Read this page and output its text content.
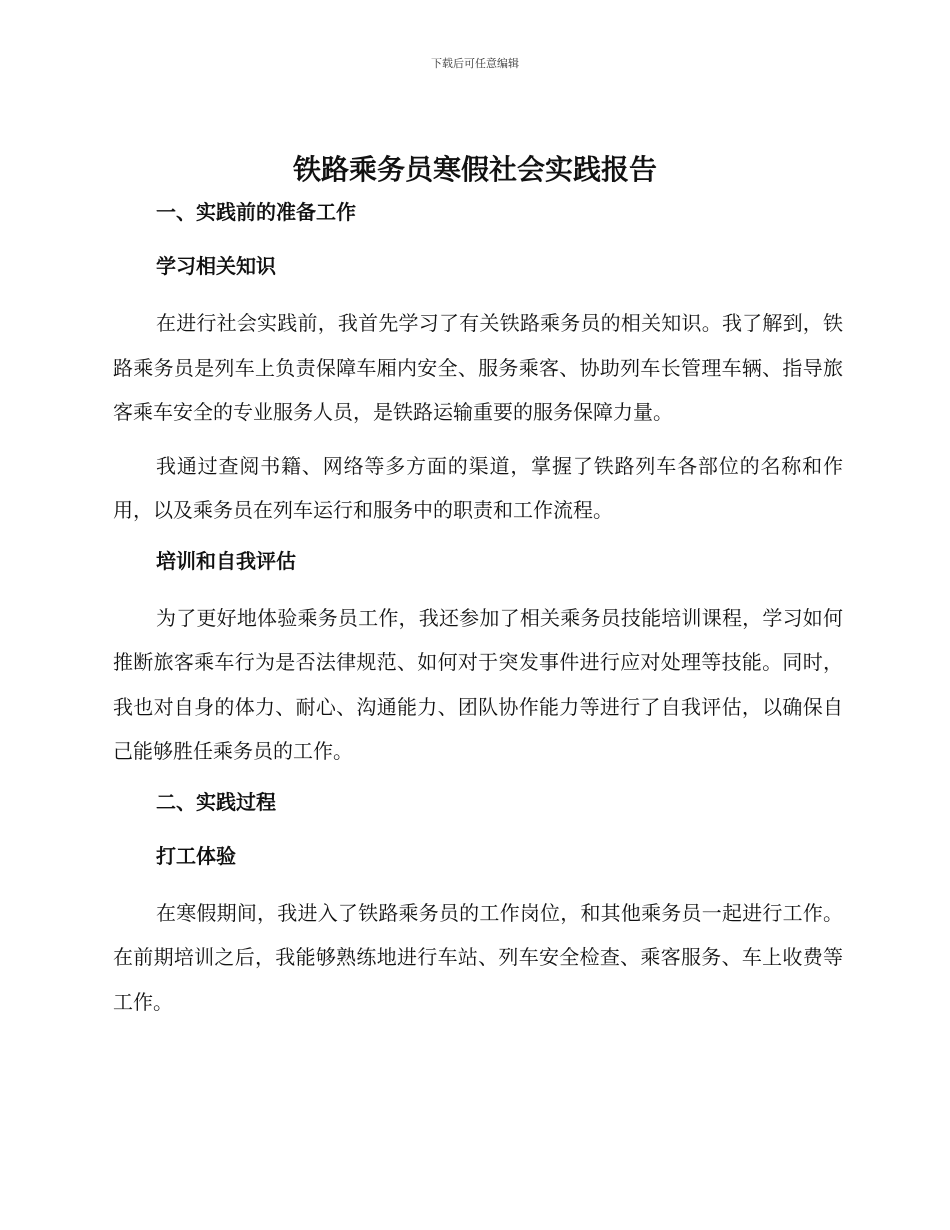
下载后可任意编辑
铁路乘务员寒假社会实践报告
一、实践前的准备工作
学习相关知识

在进行社会实践前，我首先学习了有关铁路乘务员的相关知识。我了解到，铁路乘务员是列车上负责保障车厢内安全、服务乘客、协助列车长管理车辆、指导旅客乘车安全的专业服务人员，是铁路运输重要的服务保障力量。

我通过查阅书籍、网络等多方面的渠道，掌握了铁路列车各部位的名称和作用，以及乘务员在列车运行和服务中的职责和工作流程。

培训和自我评估

为了更好地体验乘务员工作，我还参加了相关乘务员技能培训课程，学习如何推断旅客乘车行为是否法律规范、如何对于突发事件进行应对处理等技能。同时，我也对自身的体力、耐心、沟通能力、团队协作能力等进行了自我评估，以确保自己能够胜任乘务员的工作。

二、实践过程
打工体验

在寒假期间，我进入了铁路乘务员的工作岗位，和其他乘务员一起进行工作。在前期培训之后，我能够熟练地进行车站、列车安全检查、乘客服务、车上收费等工作。
